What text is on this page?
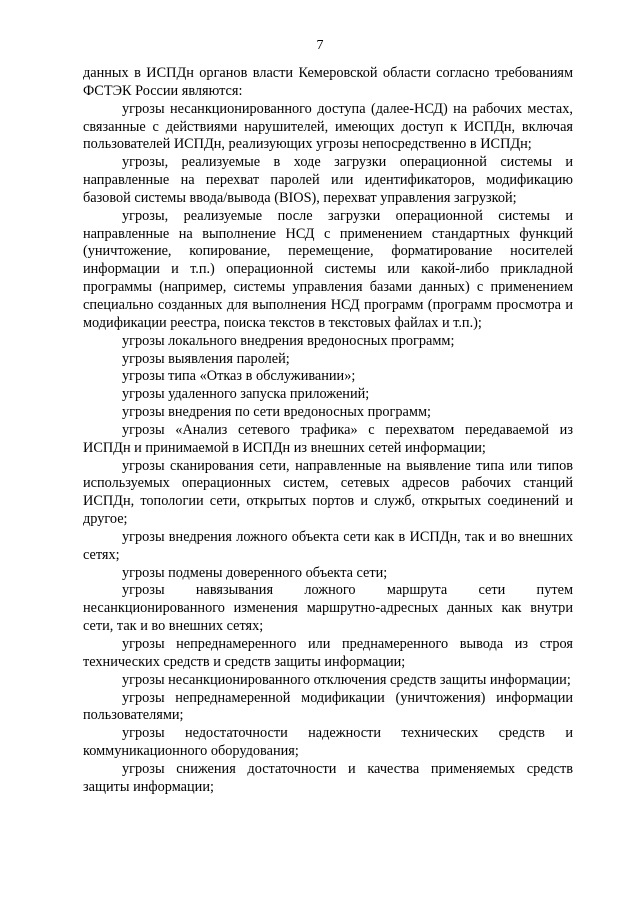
7

данных в ИСПДн органов власти Кемеровской области согласно требованиям ФСТЭК России являются:

угрозы несанкционированного доступа (далее-НСД) на рабочих местах, связанные с действиями нарушителей, имеющих доступ к ИСПДн, включая пользователей ИСПДн, реализующих угрозы непосредственно в ИСПДн;

угрозы, реализуемые в ходе загрузки операционной системы и направленные на перехват паролей или идентификаторов, модификацию базовой системы ввода/вывода (BIOS), перехват управления загрузкой;

угрозы, реализуемые после загрузки операционной системы и направленные на выполнение НСД с применением стандартных функций (уничтожение, копирование, перемещение, форматирование носителей информации и т.п.) операционной системы или какой-либо прикладной программы (например, системы управления базами данных) с применением специально созданных для выполнения НСД программ (программ просмотра и модификации реестра, поиска текстов в текстовых файлах и т.п.);

угрозы локального внедрения вредоносных программ;

угрозы выявления паролей;

угрозы типа «Отказ в обслуживании»;

угрозы удаленного запуска приложений;

угрозы внедрения по сети вредоносных программ;

угрозы «Анализ сетевого трафика» с перехватом передаваемой из ИСПДн и принимаемой в ИСПДн из внешних сетей информации;

угрозы сканирования сети, направленные на выявление типа или типов используемых операционных систем, сетевых адресов рабочих станций ИСПДн, топологии сети, открытых портов и служб, открытых соединений и другое;

угрозы внедрения ложного объекта сети как в ИСПДн, так и во внешних сетях;

угрозы подмены доверенного объекта сети;

угрозы навязывания ложного маршрута сети путем несанкционированного изменения маршрутно-адресных данных как внутри сети, так и во внешних сетях;

угрозы непреднамеренного или преднамеренного вывода из строя технических средств и средств защиты информации;

угрозы несанкционированного отключения средств защиты информации;

угрозы непреднамеренной модификации (уничтожения) информации пользователями;

угрозы недостаточности надежности технических средств и коммуникационного оборудования;

угрозы снижения достаточности и качества применяемых средств защиты информации;
